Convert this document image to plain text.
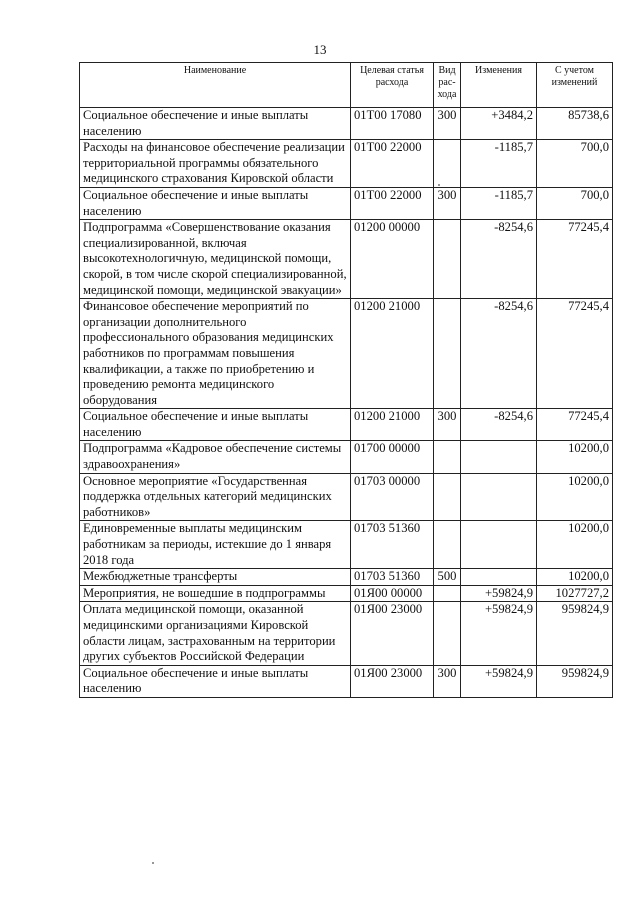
13
Наименование	Целевая статья расхода	Вид рас-хода	Изменения	С учетом изменений
Социальное обеспечение и иные выплаты населению	01Т00 17080	300	+3484,2	85738,6
Расходы на финансовое обеспечение реализации территориальной программы обязательного медицинского страхования Кировской области	01Т00 22000		-1185,7	700,0
Социальное обеспечение и иные выплаты населению	01Т00 22000	300	-1185,7	700,0
Подпрограмма «Совершенствование оказания специализированной, включая высокотехнологичную, медицинской помощи, скорой, в том числе скорой специализированной, медицинской помощи, медицинской эвакуации»	01200 00000		-8254,6	77245,4
Финансовое обеспечение мероприятий по организации дополнительного профессионального образования медицинских работников по программам повышения квалификации, а также по приобретению и проведению ремонта медицинского оборудования	01200 21000		-8254,6	77245,4
Социальное обеспечение и иные выплаты населению	01200 21000	300	-8254,6	77245,4
Подпрограмма «Кадровое обеспечение системы здравоохранения»	01700 00000			10200,0
Основное мероприятие «Государственная поддержка отдельных категорий медицинских работников»	01703 00000			10200,0
Единовременные выплаты медицинским работникам за периоды, истекшие до 1 января 2018 года	01703 51360			10200,0
Межбюджетные трансферты	01703 51360	500		10200,0
Мероприятия, не вошедшие в подпрограммы	01Я00 00000		+59824,9	1027727,2
Оплата медицинской помощи, оказанной медицинскими организациями Кировской области лицам, застрахованным на территории других субъектов Российской Федерации	01Я00 23000		+59824,9	959824,9
Социальное обеспечение и иные выплаты населению	01Я00 23000	300	+59824,9	959824,9
